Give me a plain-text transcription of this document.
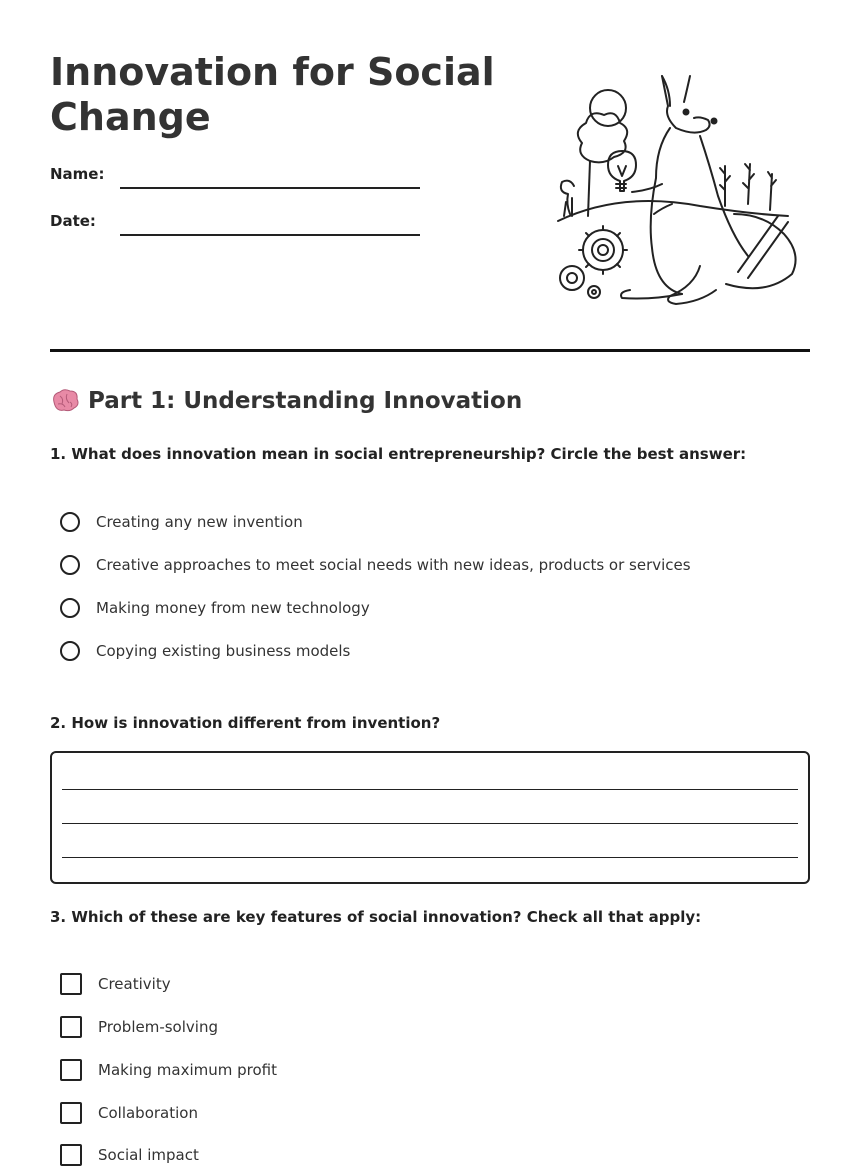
Innovation for Social Change
Name:
Date:
Part 1: Understanding Innovation
1. What does innovation mean in social entrepreneurship? Circle the best answer:
Creating any new invention
Creative approaches to meet social needs with new ideas, products or services
Making money from new technology
Copying existing business models
2. How is innovation different from invention?
3. Which of these are key features of social innovation? Check all that apply:
Creativity
Problem-solving
Making maximum profit
Collaboration
Social impact
